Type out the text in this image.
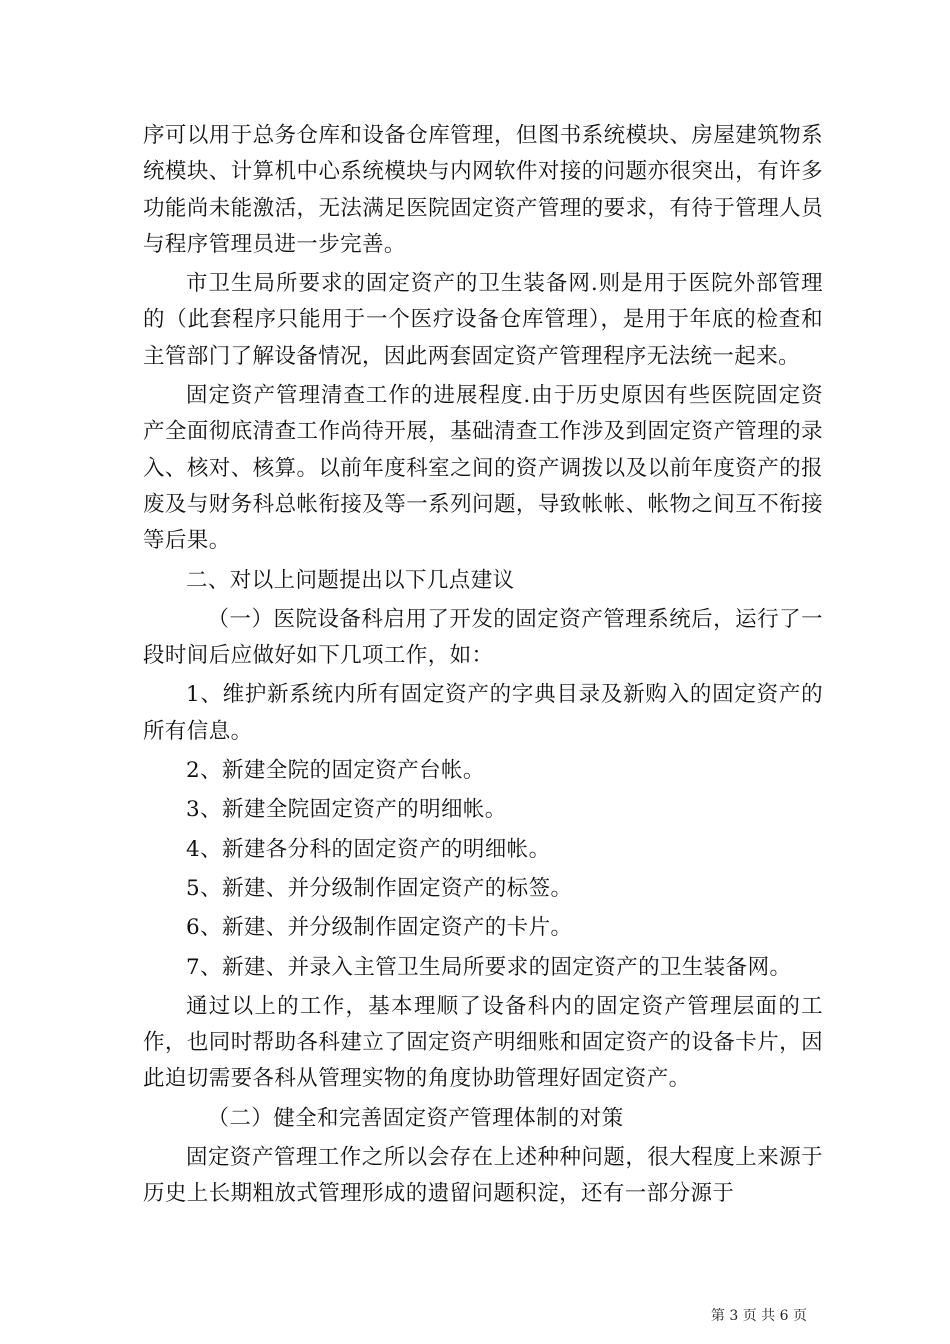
序可以用于总务仓库和设备仓库管理，但图书系统模块、房屋建筑物系统模块、计算机中心系统模块与内网软件对接的问题亦很突出，有许多功能尚未能激活，无法满足医院固定资产管理的要求，有待于管理人员与程序管理员进一步完善。

市卫生局所要求的固定资产的卫生装备网.则是用于医院外部管理的（此套程序只能用于一个医疗设备仓库管理），是用于年底的检查和主管部门了解设备情况，因此两套固定资产管理程序无法统一起来。

固定资产管理清查工作的进展程度.由于历史原因有些医院固定资产全面彻底清查工作尚待开展，基础清查工作涉及到固定资产管理的录入、核对、核算。以前年度科室之间的资产调拨以及以前年度资产的报废及与财务科总帐衔接及等一系列问题，导致帐帐、帐物之间互不衔接等后果。

二、对以上问题提出以下几点建议

（一）医院设备科启用了开发的固定资产管理系统后，运行了一段时间后应做好如下几项工作，如：

1、维护新系统内所有固定资产的字典目录及新购入的固定资产的所有信息。

2、新建全院的固定资产台帐。

3、新建全院固定资产的明细帐。

4、新建各分科的固定资产的明细帐。

5、新建、并分级制作固定资产的标签。

6、新建、并分级制作固定资产的卡片。

7、新建、并录入主管卫生局所要求的固定资产的卫生装备网。

通过以上的工作，基本理顺了设备科内的固定资产管理层面的工作，也同时帮助各科建立了固定资产明细账和固定资产的设备卡片，因此迫切需要各科从管理实物的角度协助管理好固定资产。

（二）健全和完善固定资产管理体制的对策

固定资产管理工作之所以会存在上述种种问题，很大程度上来源于历史上长期粗放式管理形成的遗留问题积淀，还有一部分源于

第 3 页 共 6 页
